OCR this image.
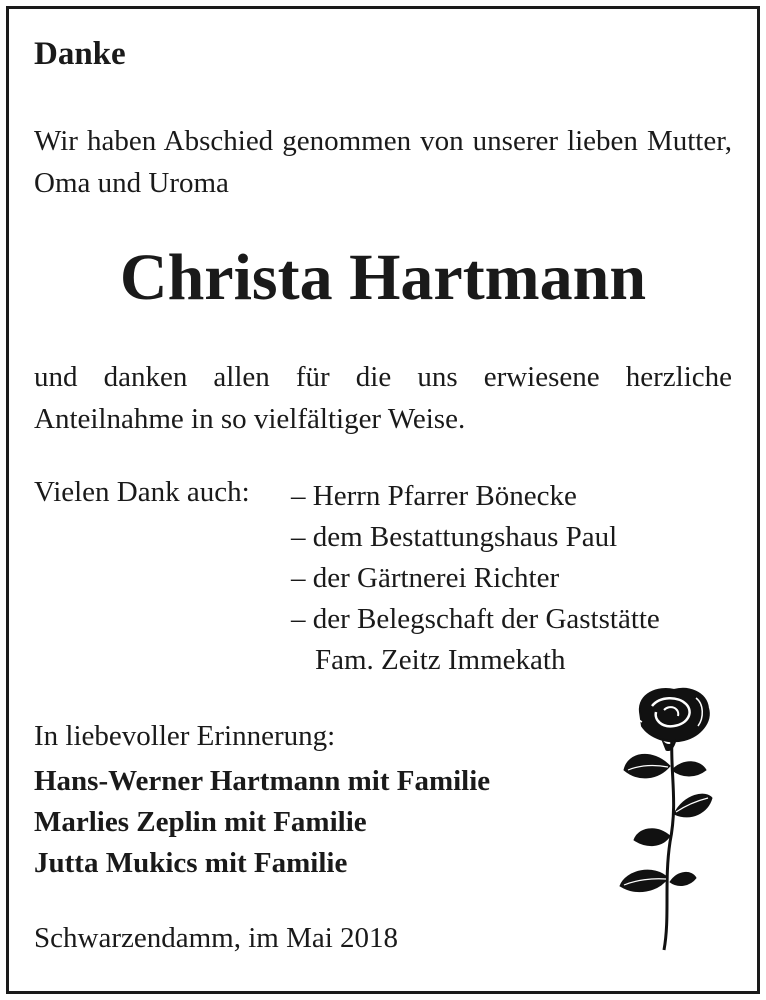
Danke

Wir haben Abschied genommen von unserer lieben Mutter, Oma und Uroma

Christa Hartmann

und danken allen für die uns erwiesene herzliche Anteilnahme in so vielfältiger Weise.

Vielen Dank auch: – Herrn Pfarrer Bönecke
– dem Bestattungshaus Paul
– der Gärtnerei Richter
– der Belegschaft der Gaststätte
Fam. Zeitz Immekath
In liebevoller Erinnerung:
Hans-Werner Hartmann mit Familie
Marlies Zeplin mit Familie
Jutta Mukics mit Familie
Schwarzendamm, im Mai 2018
